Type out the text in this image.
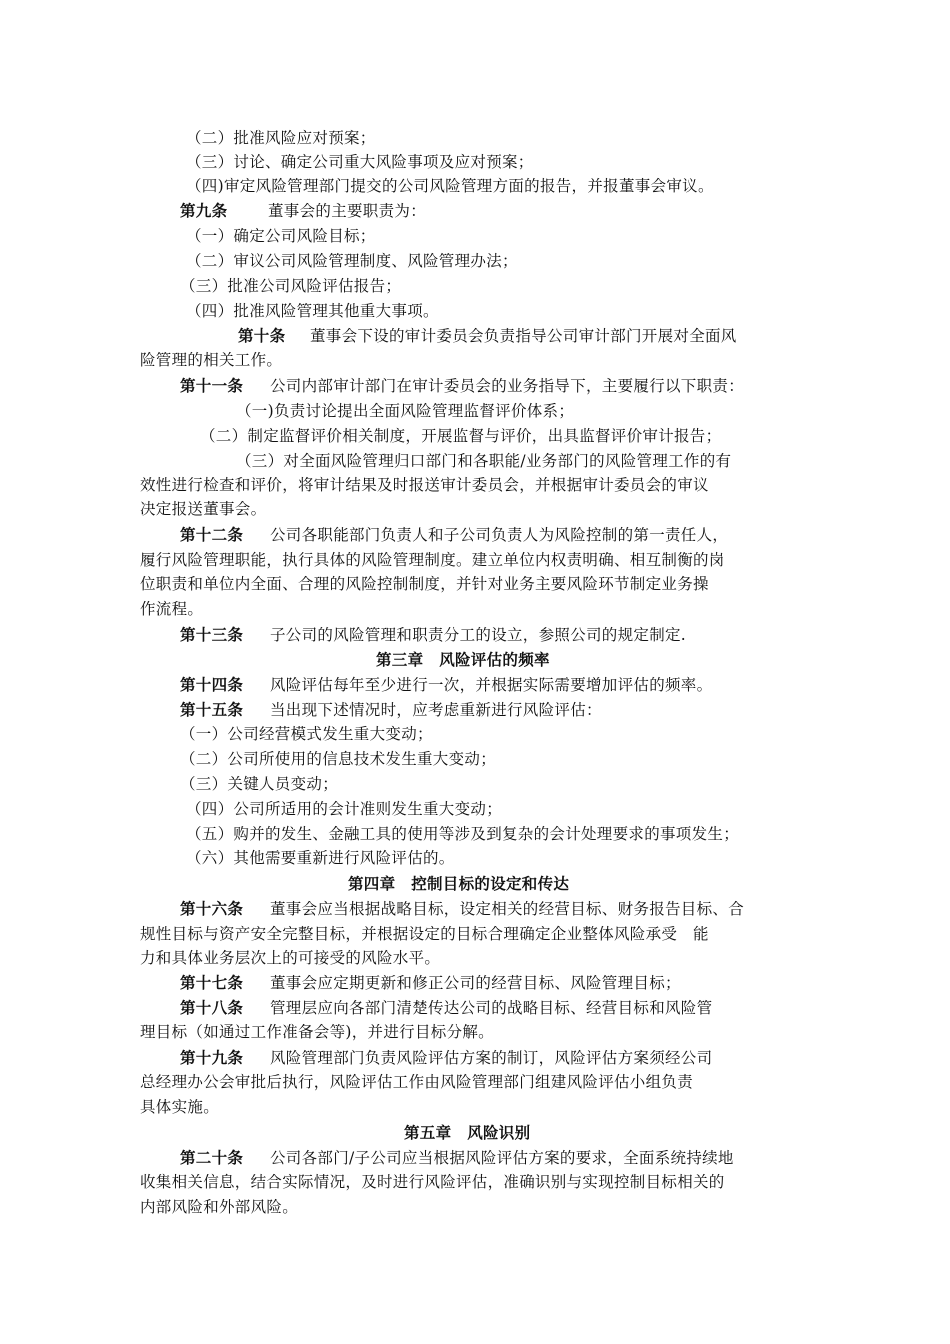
（二）批准风险应对预案；

（三）讨论、确定公司重大风险事项及应对预案；

（四)审定风险管理部门提交的公司风险管理方面的报告，并报董事会审议。

第九条	董事会的主要职责为：

（一）确定公司风险目标；

（二）审议公司风险管理制度、风险管理办法；

（三）批准公司风险评估报告；

（四）批准风险管理其他重大事项。

第十条 董事会下设的审计委员会负责指导公司审计部门开展对全面风

险管理的相关工作。

第十一条 公司内部审计部门在审计委员会的业务指导下，主要履行以下职责：

（一)负责讨论提出全面风险管理监督评价体系；

（二）制定监督评价相关制度，开展监督与评价，出具监督评价审计报告；

（三）对全面风险管理归口部门和各职能/业务部门的风险管理工作的有

效性进行检查和评价，将审计结果及时报送审计委员会，并根据审计委员会的审议

决定报送董事会。

第十二条 公司各职能部门负责人和子公司负责人为风险控制的第一责任人，

履行风险管理职能，执行具体的风险管理制度。建立单位内权责明确、相互制衡的岗

位职责和单位内全面、合理的风险控制制度，并针对业务主要风险环节制定业务操

作流程。

第十三条 子公司的风险管理和职责分工的设立，参照公司的规定制定.

第三章　风险评估的频率

第十四条 风险评估每年至少进行一次，并根据实际需要增加评估的频率。

第十五条 当出现下述情况时，应考虑重新进行风险评估：

（一）公司经营模式发生重大变动；

（二）公司所使用的信息技术发生重大变动；

（三）关键人员变动；

（四）公司所适用的会计准则发生重大变动；

（五）购并的发生、金融工具的使用等涉及到复杂的会计处理要求的事项发生；

（六）其他需要重新进行风险评估的。

第四章　控制目标的设定和传达

第十六条 董事会应当根据战略目标，设定相关的经营目标、财务报告目标、合

规性目标与资产安全完整目标，并根据设定的目标合理确定企业整体风险承受　能

力和具体业务层次上的可接受的风险水平。

第十七条 董事会应定期更新和修正公司的经营目标、风险管理目标；

第十八条 管理层应向各部门清楚传达公司的战略目标、经营目标和风险管

理目标（如通过工作准备会等)，并进行目标分解。

第十九条 风险管理部门负责风险评估方案的制订，风险评估方案须经公司

总经理办公会审批后执行，风险评估工作由风险管理部门组建风险评估小组负责

具体实施。

第五章　风险识别

第二十条 公司各部门/子公司应当根据风险评估方案的要求，全面系统持续地

收集相关信息，结合实际情况，及时进行风险评估，准确识别与实现控制目标相关的

内部风险和外部风险。
